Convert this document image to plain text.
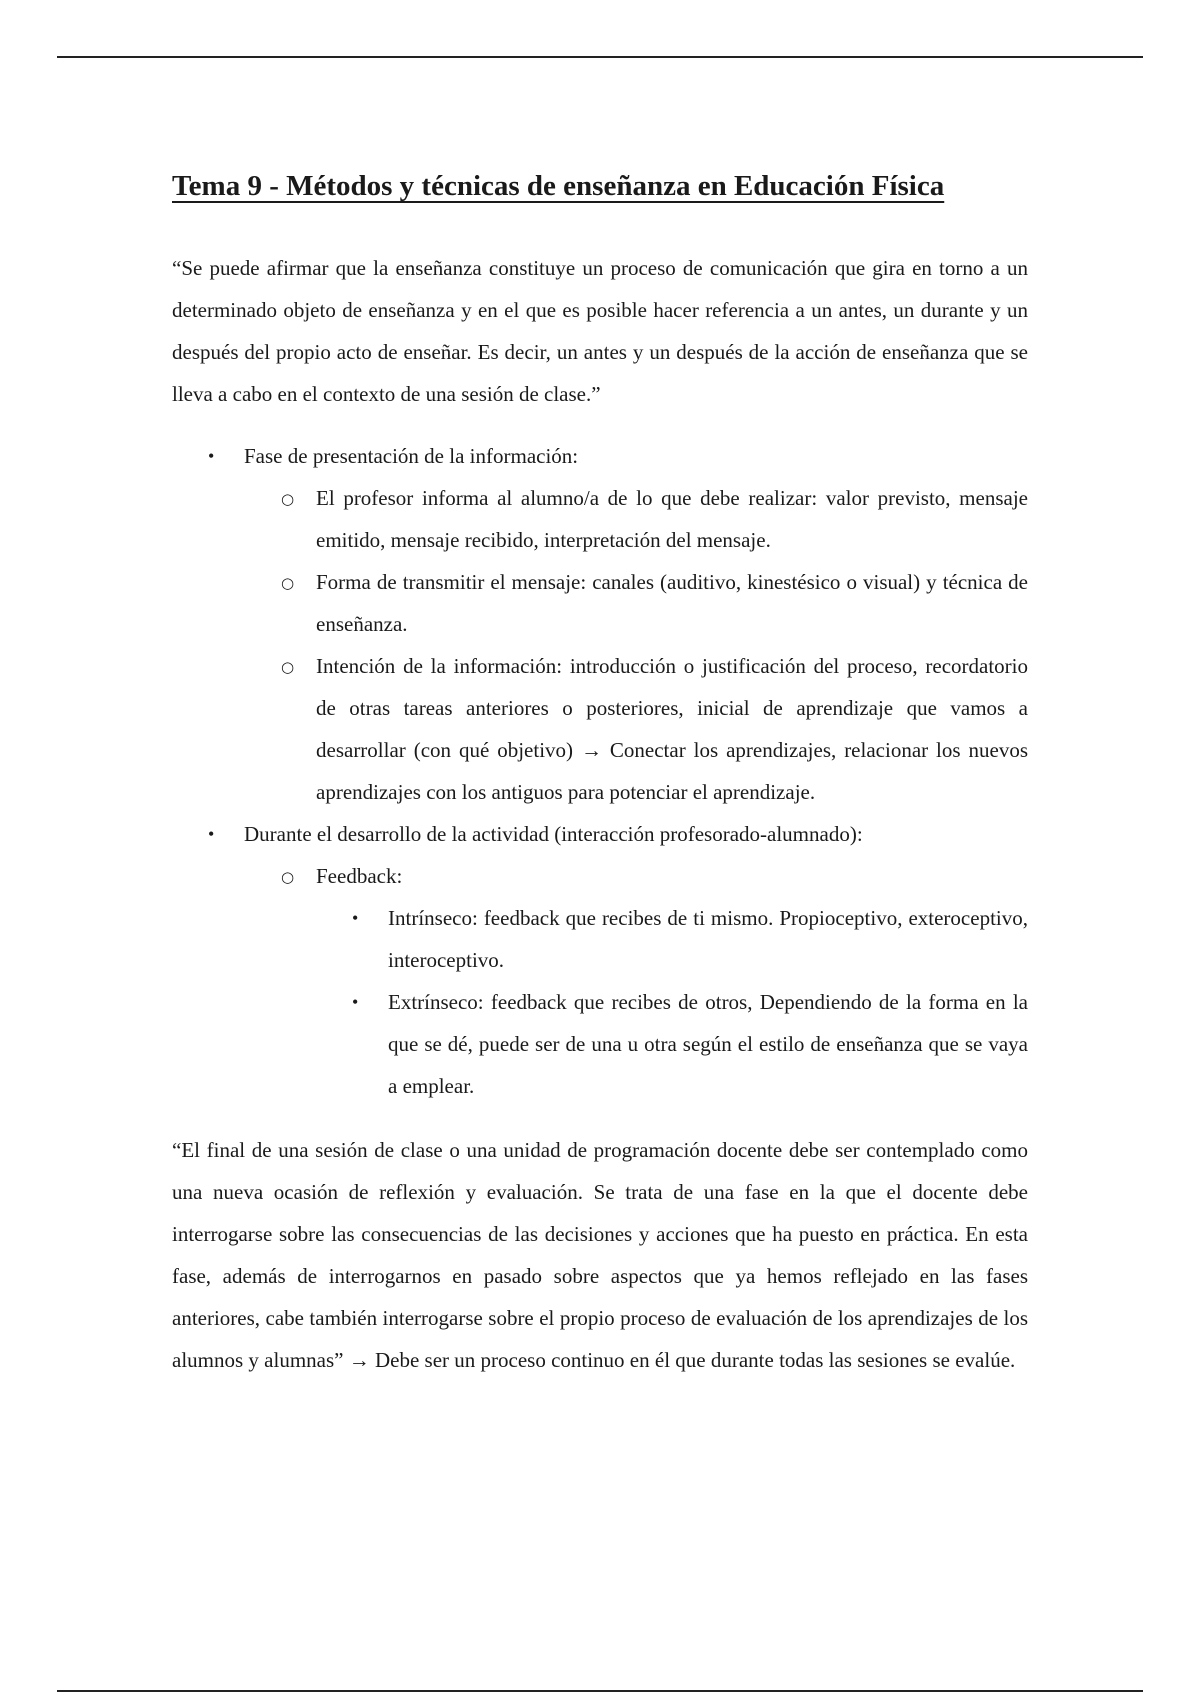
Tema 9 - Métodos y técnicas de enseñanza en Educación Física

“Se puede afirmar que la enseñanza constituye un proceso de comunicación que gira en torno a un determinado objeto de enseñanza y en el que es posible hacer referencia a un antes, un durante y un después del propio acto de enseñar. Es decir, un antes y un después de la acción de enseñanza que se lleva a cabo en el contexto de una sesión de clase.”

• Fase de presentación de la información:
○ El profesor informa al alumno/a de lo que debe realizar: valor previsto, mensaje emitido, mensaje recibido, interpretación del mensaje.
○ Forma de transmitir el mensaje: canales (auditivo, kinestésico o visual) y técnica de enseñanza.
○ Intención de la información: introducción o justificación del proceso, recordatorio de otras tareas anteriores o posteriores, inicial de aprendizaje que vamos a desarrollar (con qué objetivo) → Conectar los aprendizajes, relacionar los nuevos aprendizajes con los antiguos para potenciar el aprendizaje.
• Durante el desarrollo de la actividad (interacción profesorado-alumnado):
○ Feedback:
• Intrínseco: feedback que recibes de ti mismo. Propioceptivo, exteroceptivo, interoceptivo.
• Extrínseco: feedback que recibes de otros, Dependiendo de la forma en la que se dé, puede ser de una u otra según el estilo de enseñanza que se vaya a emplear.

“El final de una sesión de clase o una unidad de programación docente debe ser contemplado como una nueva ocasión de reflexión y evaluación. Se trata de una fase en la que el docente debe interrogarse sobre las consecuencias de las decisiones y acciones que ha puesto en práctica. En esta fase, además de interrogarnos en pasado sobre aspectos que ya hemos reflejado en las fases anteriores, cabe también interrogarse sobre el propio proceso de evaluación de los aprendizajes de los alumnos y alumnas” → Debe ser un proceso continuo en él que durante todas las sesiones se evalúe.
